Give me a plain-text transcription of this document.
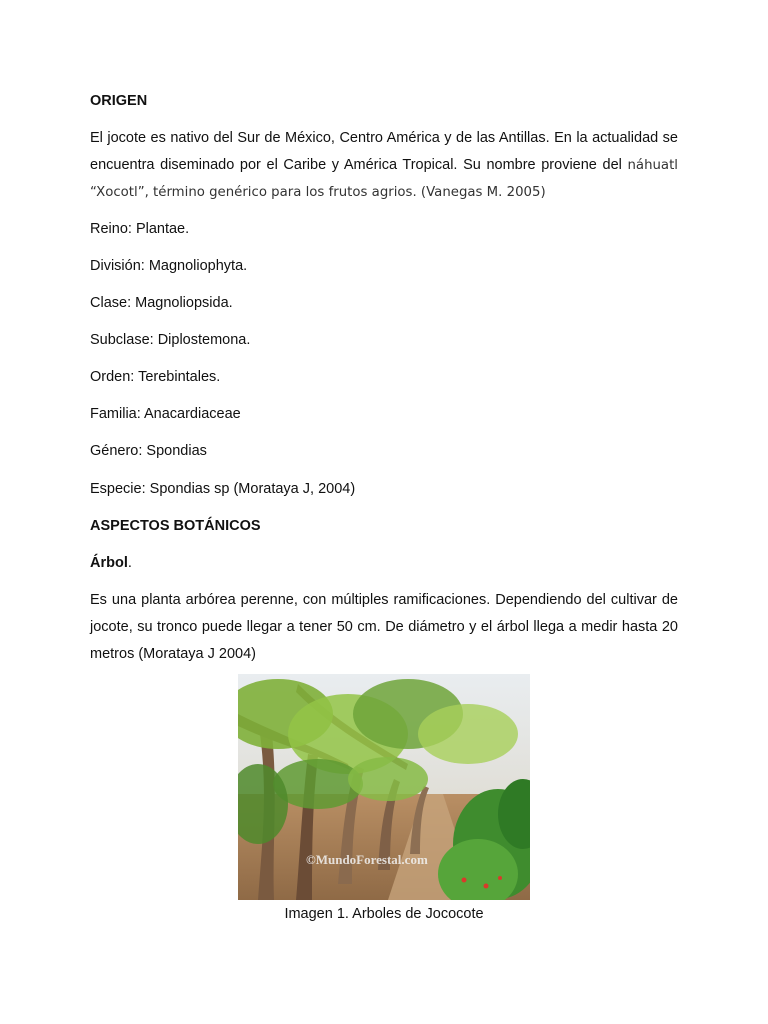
ORIGEN
El jocote es nativo del Sur de México, Centro América y de las Antillas. En la actualidad se encuentra diseminado por el Caribe y América Tropical. Su nombre proviene del náhuatl “Xocotl”, término genérico para los frutos agrios. (Vanegas M. 2005)
Reino: Plantae.
División: Magnoliophyta.
Clase: Magnoliopsida.
Subclase: Diplostemona.
Orden: Terebintales.
Familia: Anacardiaceae
Género: Spondias
Especie: Spondias sp (Morataya J, 2004)
ASPECTOS BOTÁNICOS
Árbol.
Es una planta arbórea perenne, con múltiples ramificaciones. Dependiendo del cultivar de jocote, su tronco puede llegar a tener 50 cm. De diámetro y el árbol llega a medir hasta 20 metros (Morataya J 2004)
©MundoForestal.com
Imagen 1. Arboles de Jococote
